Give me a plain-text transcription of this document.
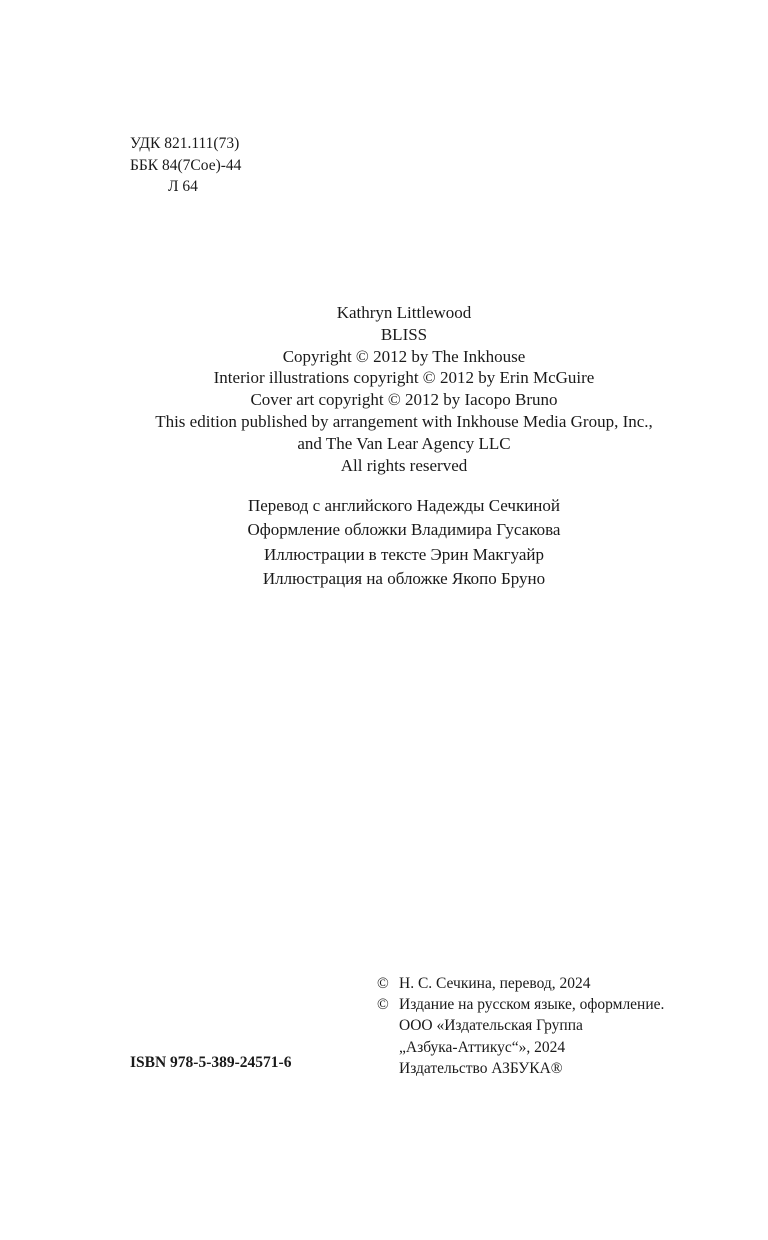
УДК 821.111(73)
ББК 84(7Сое)-44
Л 64
Kathryn Littlewood
BLISS
Copyright © 2012 by The Inkhouse
Interior illustrations copyright © 2012 by Erin McGuire
Cover art copyright © 2012 by Iacopo Bruno
This edition published by arrangement with Inkhouse Media Group, Inc.,
and The Van Lear Agency LLC
All rights reserved
Перевод с английского Надежды Сечкиной
Оформление обложки Владимира Гусакова
Иллюстрации в тексте Эрин Макгуайр
Иллюстрация на обложке Якопо Бруно
ISBN 978-5-389-24571-6
© Н. С. Сечкина, перевод, 2024
© Издание на русском языке, оформление.
ООО «Издательская Группа
„Азбука-Аттикус“», 2024
Издательство АЗБУКА®
